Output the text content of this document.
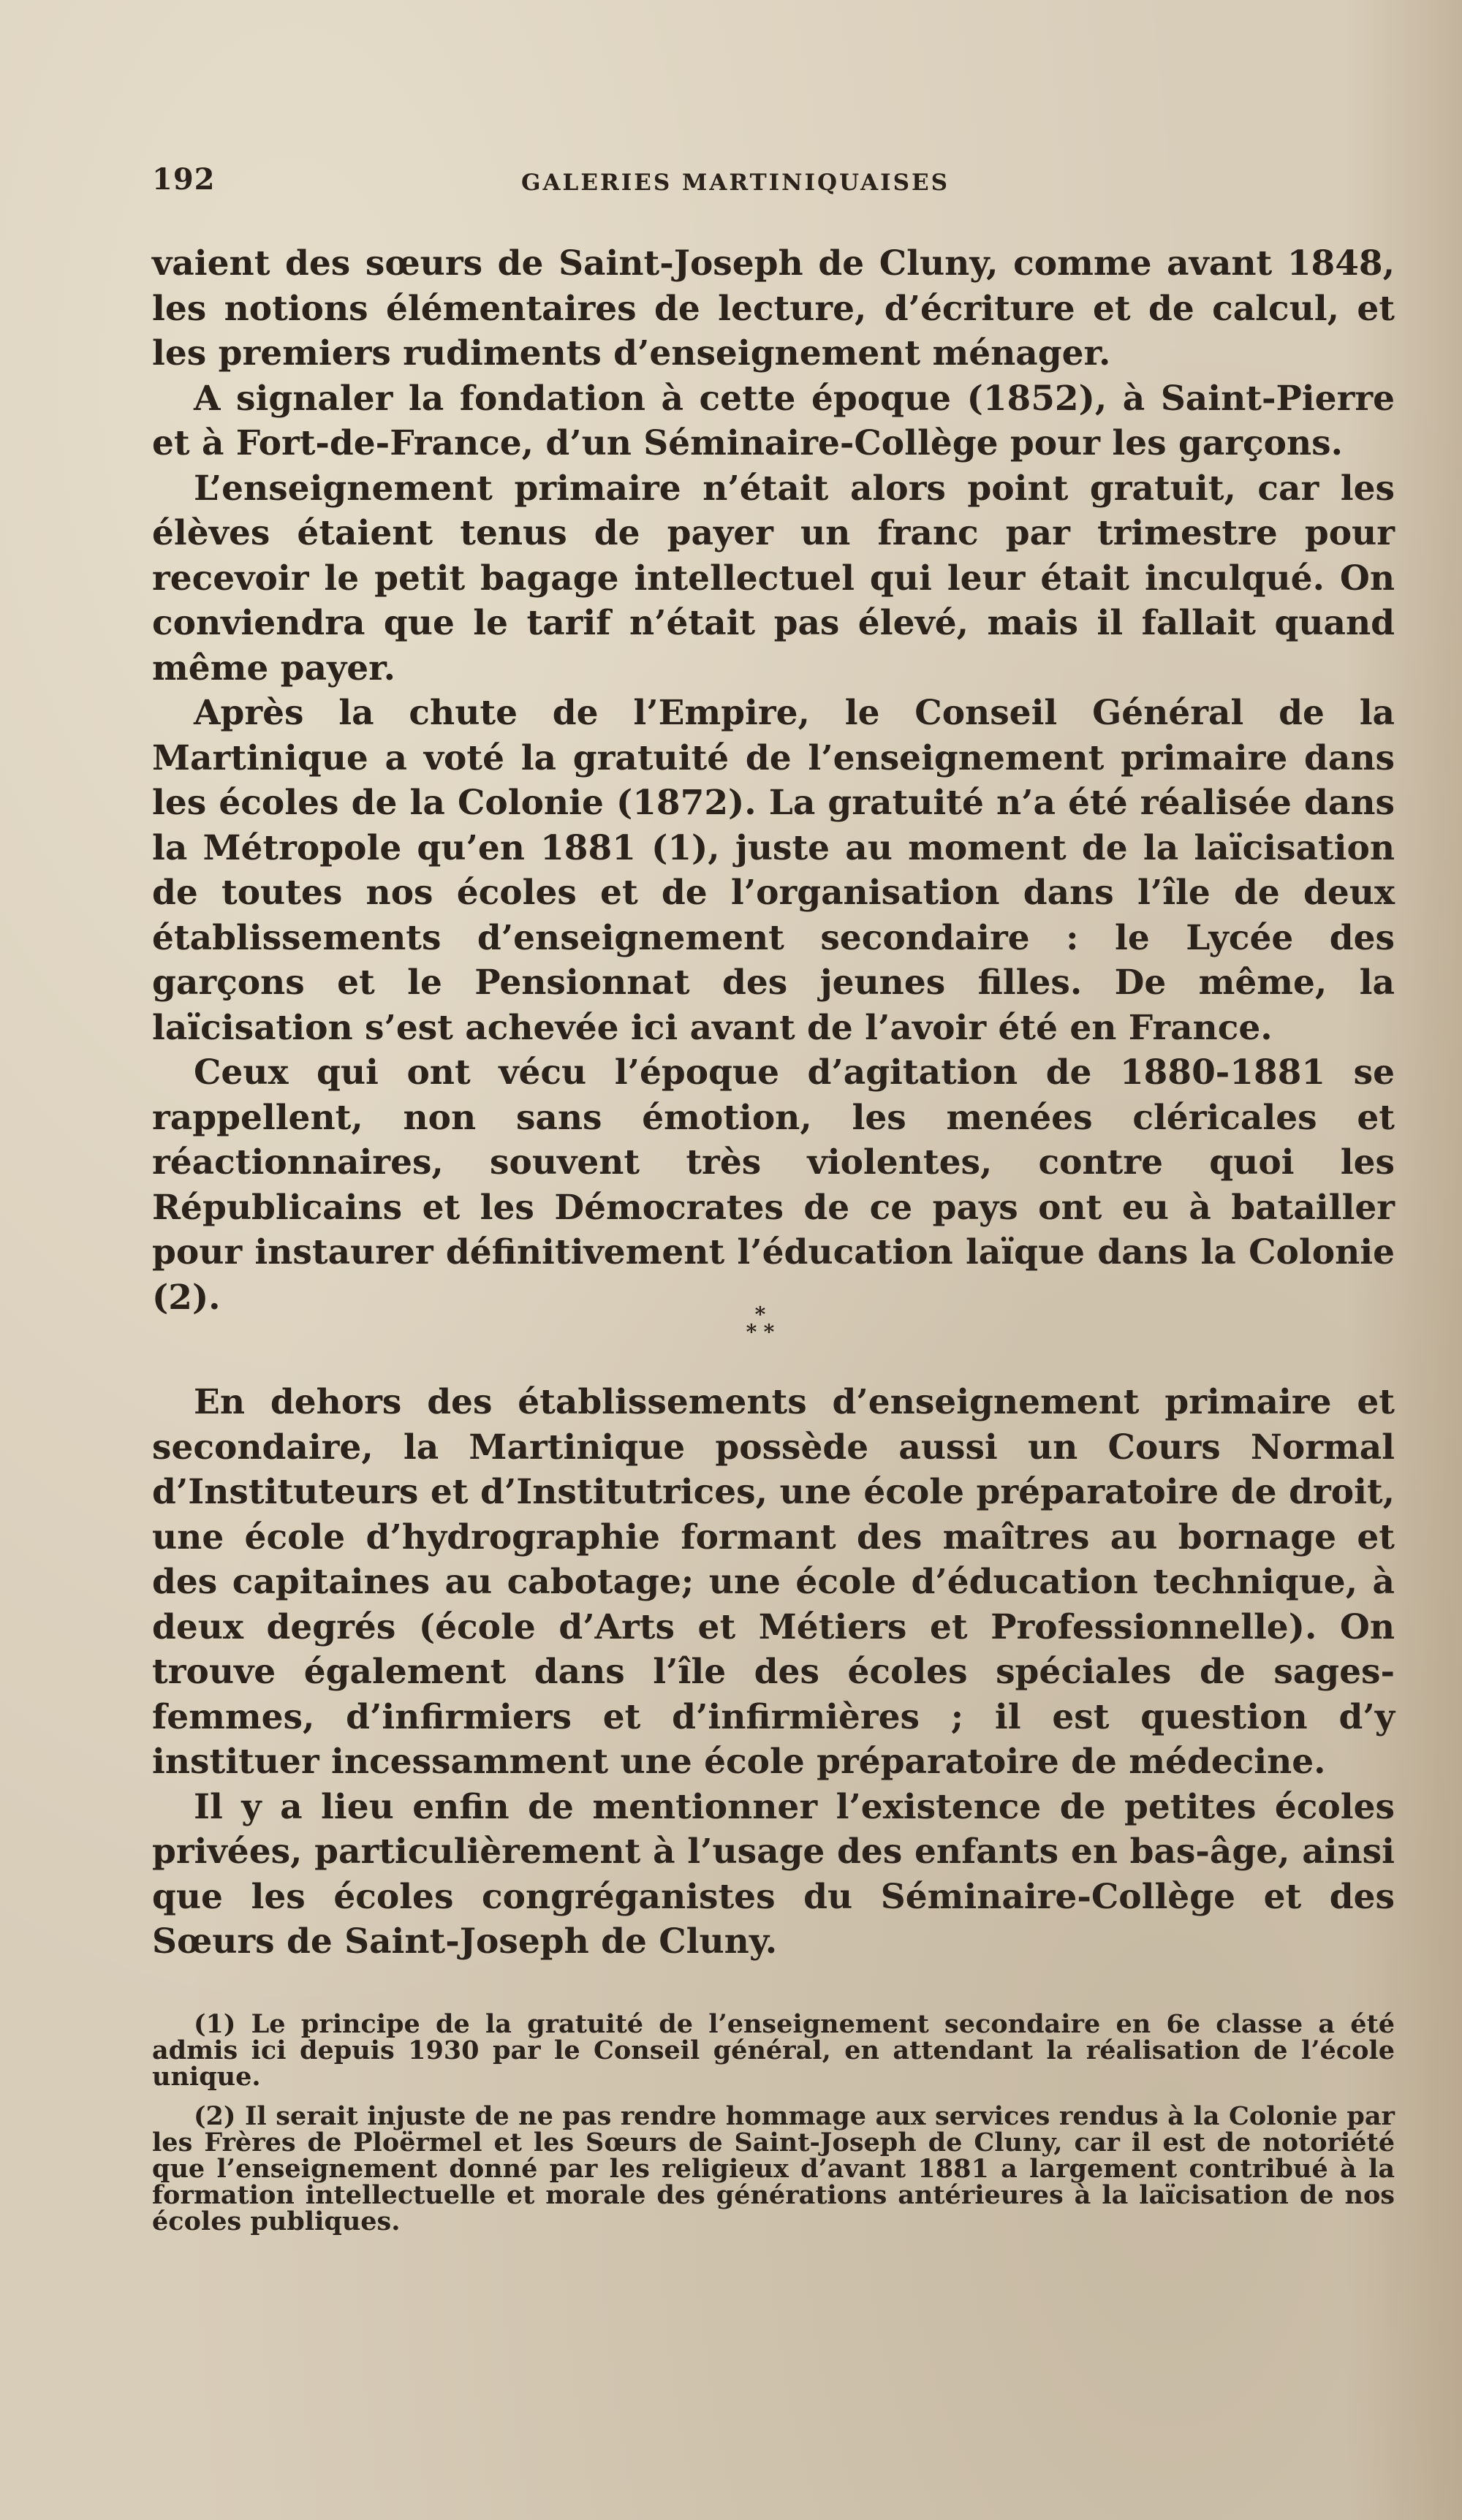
192	GALERIES MARTINIQUAISES

vaient des sœurs de Saint-Joseph de Cluny, comme avant 1848, les notions élémentaires de lecture, d’écriture et de calcul, et les premiers rudiments d’enseignement ménager.

A signaler la fondation à cette époque (1852), à Saint-Pierre et à Fort-de-France, d’un Séminaire-Collège pour les garçons.

L’enseignement primaire n’était alors point gratuit, car les élèves étaient tenus de payer un franc par trimestre pour recevoir le petit bagage intellectuel qui leur était inculqué. On conviendra que le tarif n’était pas élevé, mais il fallait quand même payer.

Après la chute de l’Empire, le Conseil Général de la Martinique a voté la gratuité de l’enseignement primaire dans les écoles de la Colonie (1872). La gratuité n’a été réalisée dans la Métropole qu’en 1881 (1), juste au moment de la laïcisation de toutes nos écoles et de l’organisation dans l’île de deux établissements d’enseignement secondaire : le Lycée des garçons et le Pensionnat des jeunes filles. De même, la laïcisation s’est achevée ici avant de l’avoir été en France.

Ceux qui ont vécu l’époque d’agitation de 1880-1881 se rappellent, non sans émotion, les menées cléricales et réactionnaires, souvent très violentes, contre quoi les Républicains et les Démocrates de ce pays ont eu à batailler pour instaurer définitivement l’éducation laïque dans la Colonie (2).	*
* *

En dehors des établissements d’enseignement primaire et secondaire, la Martinique possède aussi un Cours Normal d’Instituteurs et d’Institutrices, une école préparatoire de droit, une école d’hydrographie formant des maîtres au bornage et des capitaines au cabotage; une école d’éducation technique, à deux degrés (école d’Arts et Métiers et Professionnelle). On trouve également dans l’île des écoles spéciales de sages-femmes, d’infirmiers et d’infirmières ; il est question d’y instituer incessamment une école préparatoire de médecine.

Il y a lieu enfin de mentionner l’existence de petites écoles privées, particulièrement à l’usage des enfants en bas-âge, ainsi que les écoles congréganistes du Séminaire-Collège et des Sœurs de Saint-Joseph de Cluny.

(1) Le principe de la gratuité de l’enseignement secondaire en 6e classe a été admis ici depuis 1930 par le Conseil général, en attendant la réalisation de l’école unique.

(2) Il serait injuste de ne pas rendre hommage aux services rendus à la Colonie par les Frères de Ploërmel et les Sœurs de Saint-Joseph de Cluny, car il est de notoriété que l’enseignement donné par les religieux d’avant 1881 a largement contribué à la formation intellectuelle et morale des générations antérieures à la laïcisation de nos écoles publiques.
